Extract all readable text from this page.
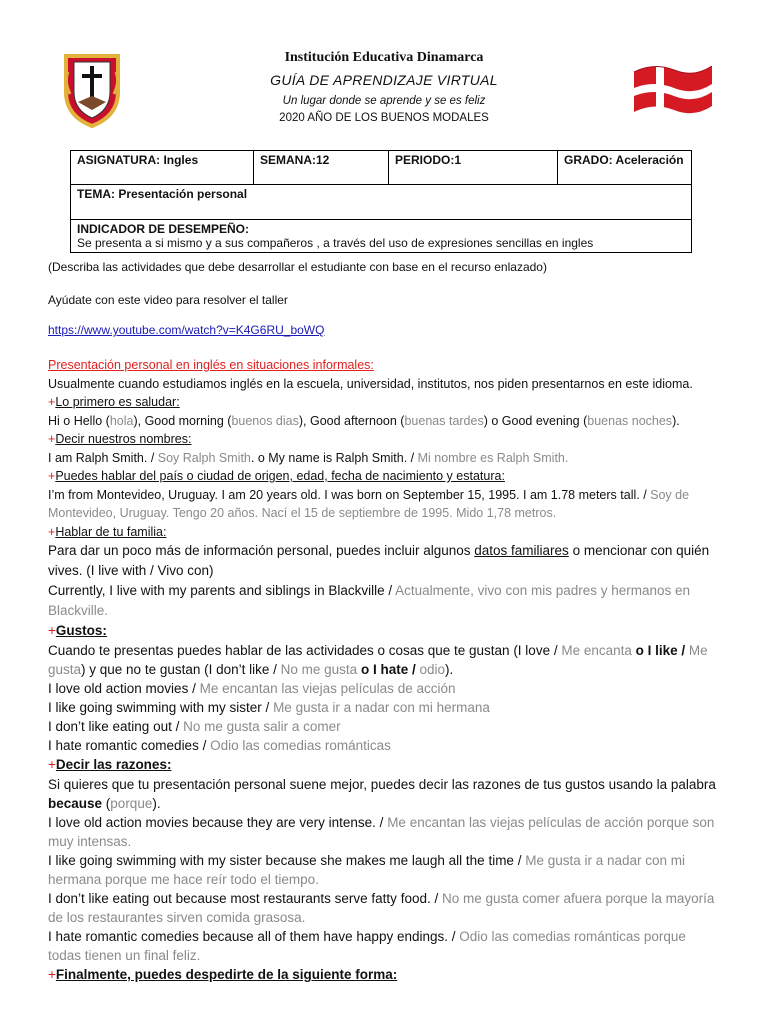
Institución Educativa Dinamarca
GUÍA DE APRENDIZAJE VIRTUAL
Un lugar donde se aprende y se es feliz
2020 AÑO DE LOS BUENOS MODALES
ASIGNATURA: Ingles	SEMANA:12	PERIODO:1	GRADO: Aceleración
TEMA: Presentación personal

INDICADOR DE DESEMPEÑO:
Se presenta a si mismo y a sus compañeros , a través del uso de expresiones sencillas en ingles
(Describa las actividades que debe desarrollar el estudiante con base en el recurso enlazado)
Ayúdate con este video para resolver el taller
https://www.youtube.com/watch?v=K4G6RU_boWQ
Presentación personal en inglés en situaciones informales:
Usualmente cuando estudiamos inglés en la escuela, universidad, institutos, nos piden presentarnos en este idioma.
+Lo primero es saludar:
Hi o Hello (hola), Good morning (buenos dias), Good afternoon (buenas tardes) o Good evening (buenas noches).
+Decir nuestros nombres:
I am Ralph Smith. / Soy Ralph Smith. o My name is Ralph Smith. / Mi nombre es Ralph Smith.
+Puedes hablar del país o ciudad de origen, edad, fecha de nacimiento y estatura:
I’m from Montevideo, Uruguay. I am 20 years old. I was born on September 15, 1995. I am 1.78 meters tall. / Soy de Montevideo, Uruguay. Tengo 20 años. Nací el 15 de septiembre de 1995. Mido 1,78 metros.
+Hablar de tu familia:
Para dar un poco más de información personal, puedes incluir algunos datos familiares o mencionar con quién vives. (I live with / Vivo con)
Currently, I live with my parents and siblings in Blackville / Actualmente, vivo con mis padres y hermanos en Blackville.
+Gustos:
Cuando te presentas puedes hablar de las actividades o cosas que te gustan (I love / Me encanta o I like / Me gusta) y que no te gustan (I don’t like / No me gusta o I hate / odio).
I love old action movies / Me encantan las viejas películas de acción
I like going swimming with my sister / Me gusta ir a nadar con mi hermana
I don’t like eating out / No me gusta salir a comer
I hate romantic comedies / Odio las comedias románticas
+Decir las razones:
Si quieres que tu presentación personal suene mejor, puedes decir las razones de tus gustos usando la palabra because (porque).
I love old action movies because they are very intense. / Me encantan las viejas películas de acción porque son muy intensas.
I like going swimming with my sister because she makes me laugh all the time / Me gusta ir a nadar con mi hermana porque me hace reír todo el tiempo.
I don’t like eating out because most restaurants serve fatty food. / No me gusta comer afuera porque la mayoría de los restaurantes sirven comida grasosa.
I hate romantic comedies because all of them have happy endings. / Odio las comedias románticas porque todas tienen un final feliz.
+Finalmente, puedes despedirte de la siguiente forma:
